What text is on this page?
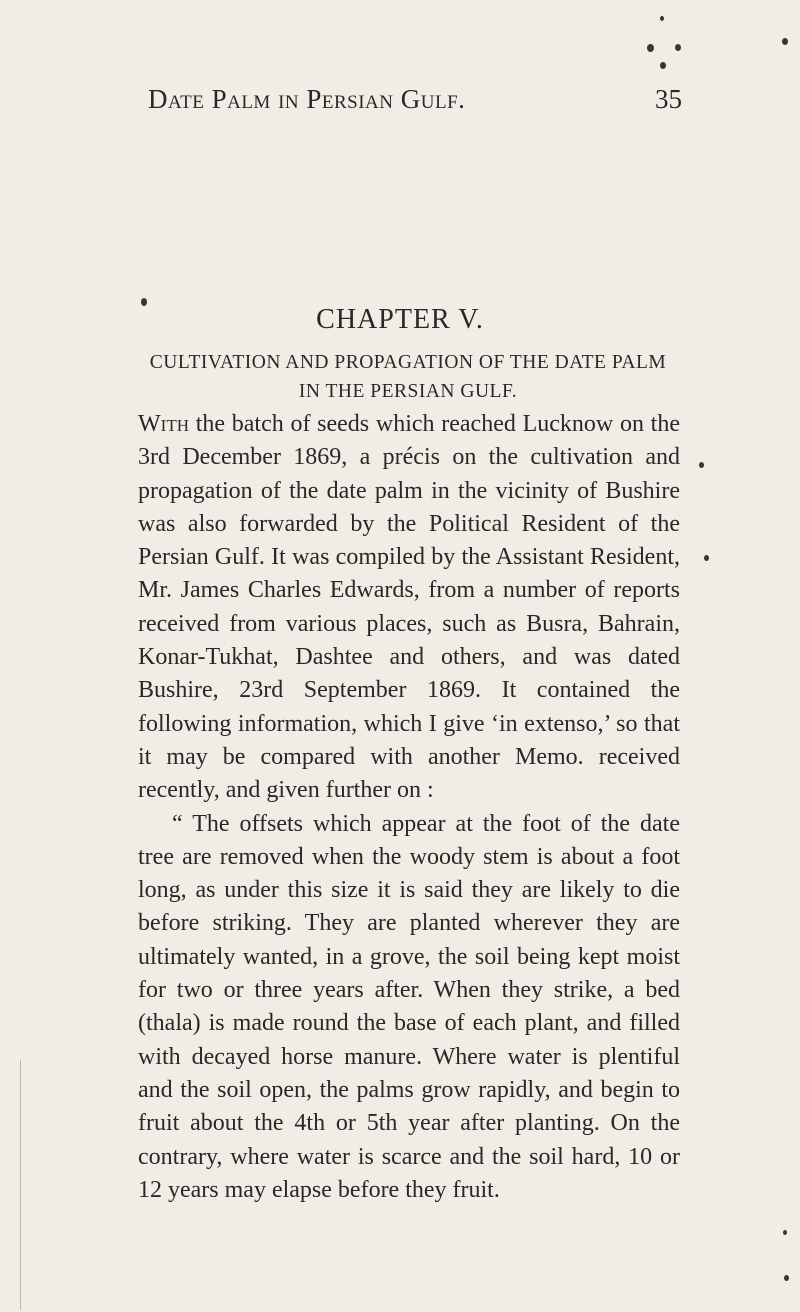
Date Palm in Persian Gulf.	35
CHAPTER V.
CULTIVATION AND PROPAGATION OF THE DATE PALM
IN THE PERSIAN GULF.

With the batch of seeds which reached Lucknow on the 3rd December 1869, a précis on the cultivation and propagation of the date palm in the vicinity of Bushire was also forwarded by the Political Resident of the Persian Gulf. It was compiled by the Assistant Resident, Mr. James Charles Edwards, from a number of reports received from various places, such as Busra, Bahrain, Konar-Tukhat, Dashtee and others, and was dated Bushire, 23rd September 1869. It contained the following information, which I give ‘in extenso,’ so that it may be compared with another Memo. received recently, and given further on :

“ The offsets which appear at the foot of the date tree are removed when the woody stem is about a foot long, as under this size it is said they are likely to die before striking. They are planted wherever they are ultimately wanted, in a grove, the soil being kept moist for two or three years after. When they strike, a bed (thala) is made round the base of each plant, and filled with decayed horse manure. Where water is plentiful and the soil open, the palms grow rapidly, and begin to fruit about the 4th or 5th year after planting. On the contrary, where water is scarce and the soil hard, 10 or 12 years may elapse before they fruit.
